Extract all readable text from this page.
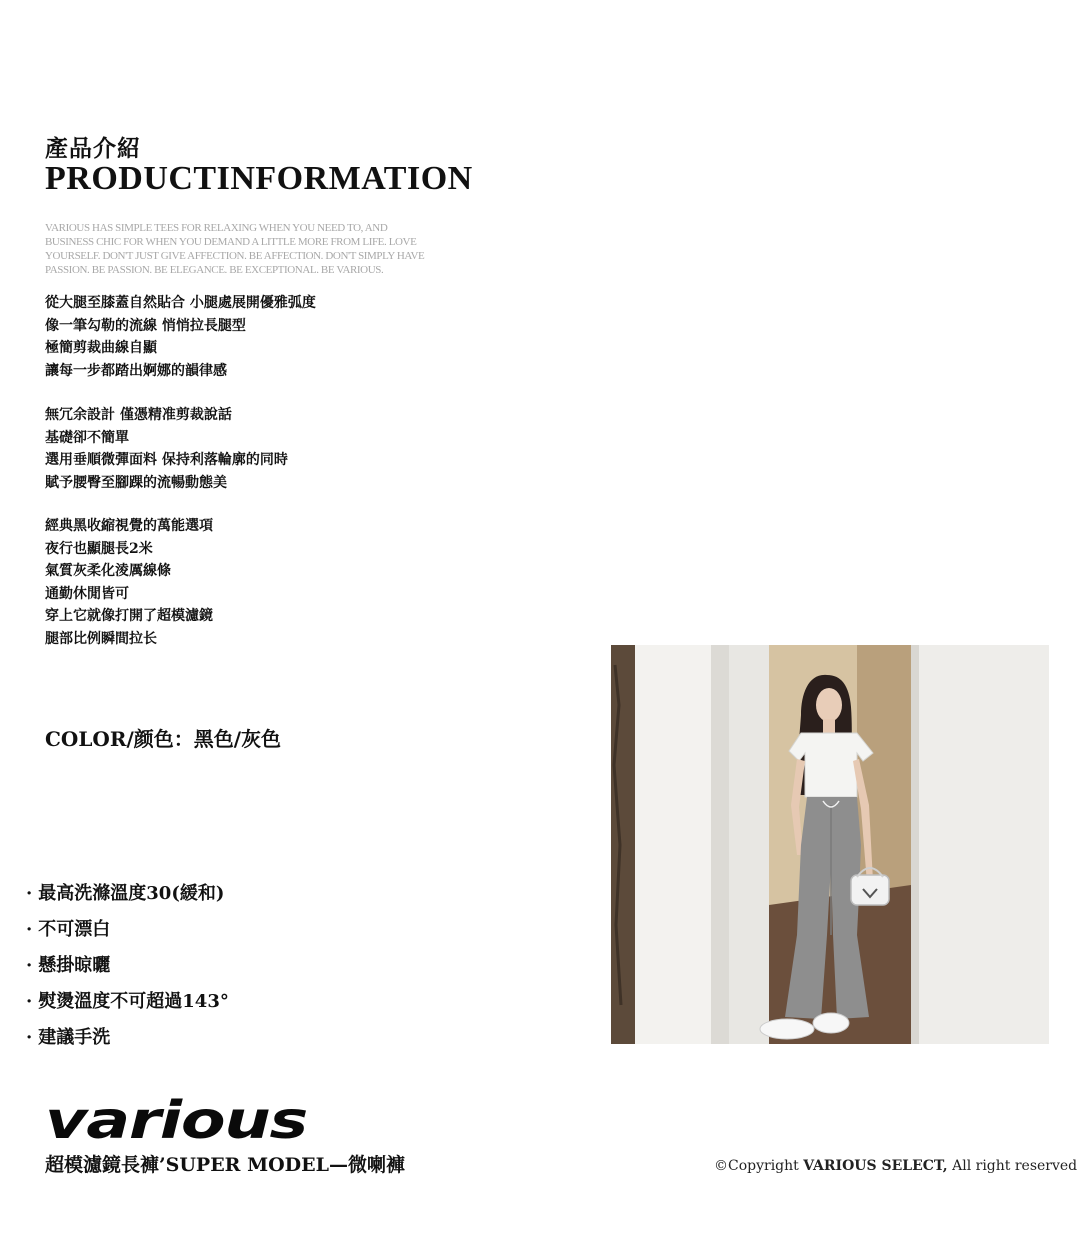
產品介紹
PRODUCTINFORMATION
VARIOUS HAS SIMPLE TEES FOR RELAXING WHEN YOU NEED TO, AND
BUSINESS CHIC FOR WHEN YOU DEMAND A LITTLE MORE FROM LIFE. LOVE
YOURSELF. DON'T JUST GIVE AFFECTION. BE AFFECTION. DON'T SIMPLY HAVE
PASSION. BE PASSION. BE ELEGANCE. BE EXCEPTIONAL. BE VARIOUS.
從大腿至膝蓋自然貼合 小腿處展開優雅弧度
像一筆勾勒的流線 悄悄拉長腿型
極簡剪裁曲線自顯
讓每一步都踏出婀娜的韻律感
無冗余設計 僅憑精准剪裁說話
基礎卻不簡單
選用垂順微彈面料 保持利落輪廓的同時
賦予腰臀至腳踝的流暢動態美
經典黑收縮視覺的萬能選項
夜行也顯腿長2米
氣質灰柔化淩厲線條
通勤休閒皆可
穿上它就像打開了超模濾鏡
腿部比例瞬間拉长
COLOR/颜色：黑色/灰色
· 最高洗滌溫度30(緩和)
· 不可漂白
· 懸掛晾曬
· 熨燙溫度不可超過143°
· 建議手洗
various
超模濾鏡長褲’SUPER MODEL—微喇褲	©Copyright VARIOUS SELECT, All right reserved
